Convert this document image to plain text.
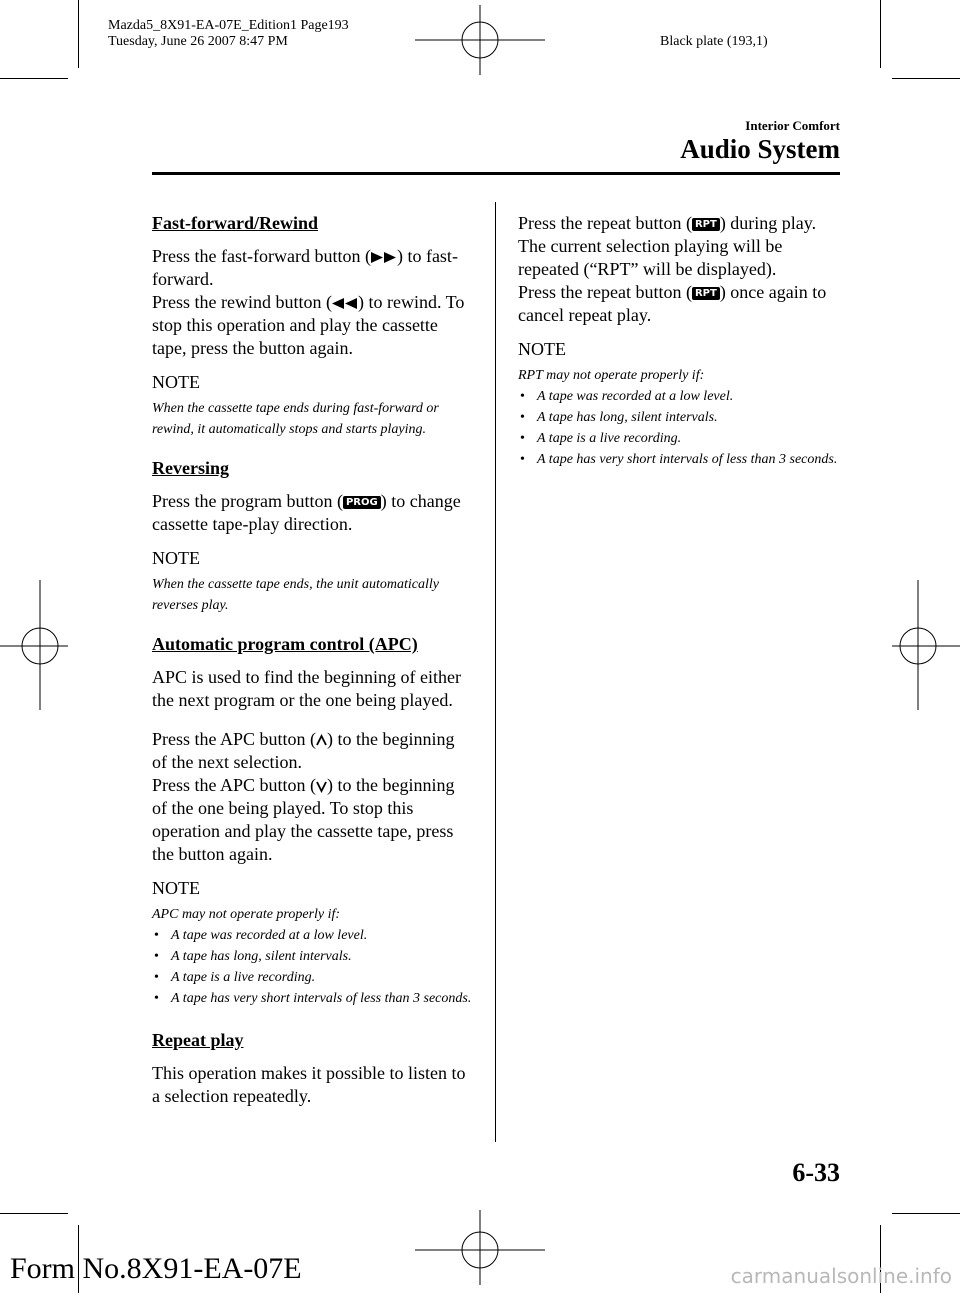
Mazda5_8X91-EA-07E_Edition1 Page193
Tuesday, June 26 2007 8:47 PM	Black plate (193,1)
Interior Comfort
Audio System
Fast-forward/Rewind

Press the fast-forward button ( ) to fast-forward.
Press the rewind button ( ) to rewind. To stop this operation and play the cassette tape, press the button again.

NOTE

When the cassette tape ends during fast-forward or rewind, it automatically stops and starts playing.

Reversing

Press the program button ( PROG ) to change cassette tape-play direction.

NOTE

When the cassette tape ends, the unit automatically reverses play.

Automatic program control (APC)

APC is used to find the beginning of either the next program or the one being played.

Press the APC button ( ) to the beginning of the next selection.
Press the APC button ( ) to the beginning of the one being played. To stop this operation and play the cassette tape, press the button again.

NOTE
APC may not operate properly if:
• A tape was recorded at a low level.
• A tape has long, silent intervals.
• A tape is a live recording.
• A tape has very short intervals of less than 3 seconds.
Repeat play

This operation makes it possible to listen to a selection repeatedly.

Press the repeat button ( RPT ) during play. The current selection playing will be repeated (“RPT” will be displayed).
Press the repeat button ( RPT ) once again to cancel repeat play.

NOTE
RPT may not operate properly if:
• A tape was recorded at a low level.
• A tape has long, silent intervals.
• A tape is a live recording.
• A tape has very short intervals of less than 3 seconds.
6-33
Form No.8X91-EA-07E	carmanualsonline.info
